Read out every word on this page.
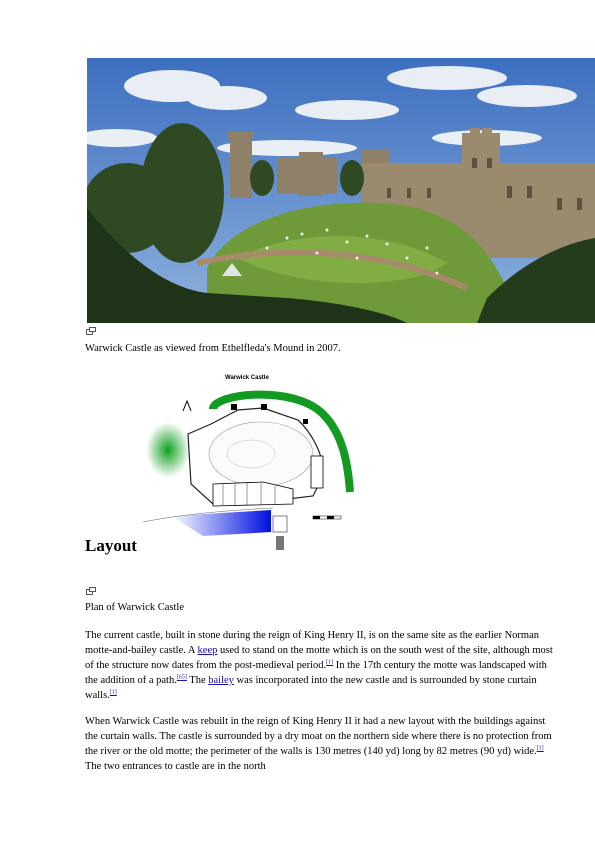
Warwick Castle as viewed from Ethelfleda's Mound in 2007.
Warwick Castle
Layout
Plan of Warwick Castle

The current castle, built in stone during the reign of King Henry II, is on the same site as the earlier Norman motte-and-bailey castle. A keep used to stand on the motte which is on the south west of the site, although most of the structure now dates from the post-medieval period.[1] In the 17th century the motte was landscaped with the addition of a path.[65] The bailey was incorporated into the new castle and is surrounded by stone curtain walls.[1]

When Warwick Castle was rebuilt in the reign of King Henry II it had a new layout with the buildings against the curtain walls. The castle is surrounded by a dry moat on the northern side where there is no protection from the river or the old motte; the perimeter of the walls is 130 metres (140 yd) long by 82 metres (90 yd) wide.[1] The two entrances to castle are in the north
